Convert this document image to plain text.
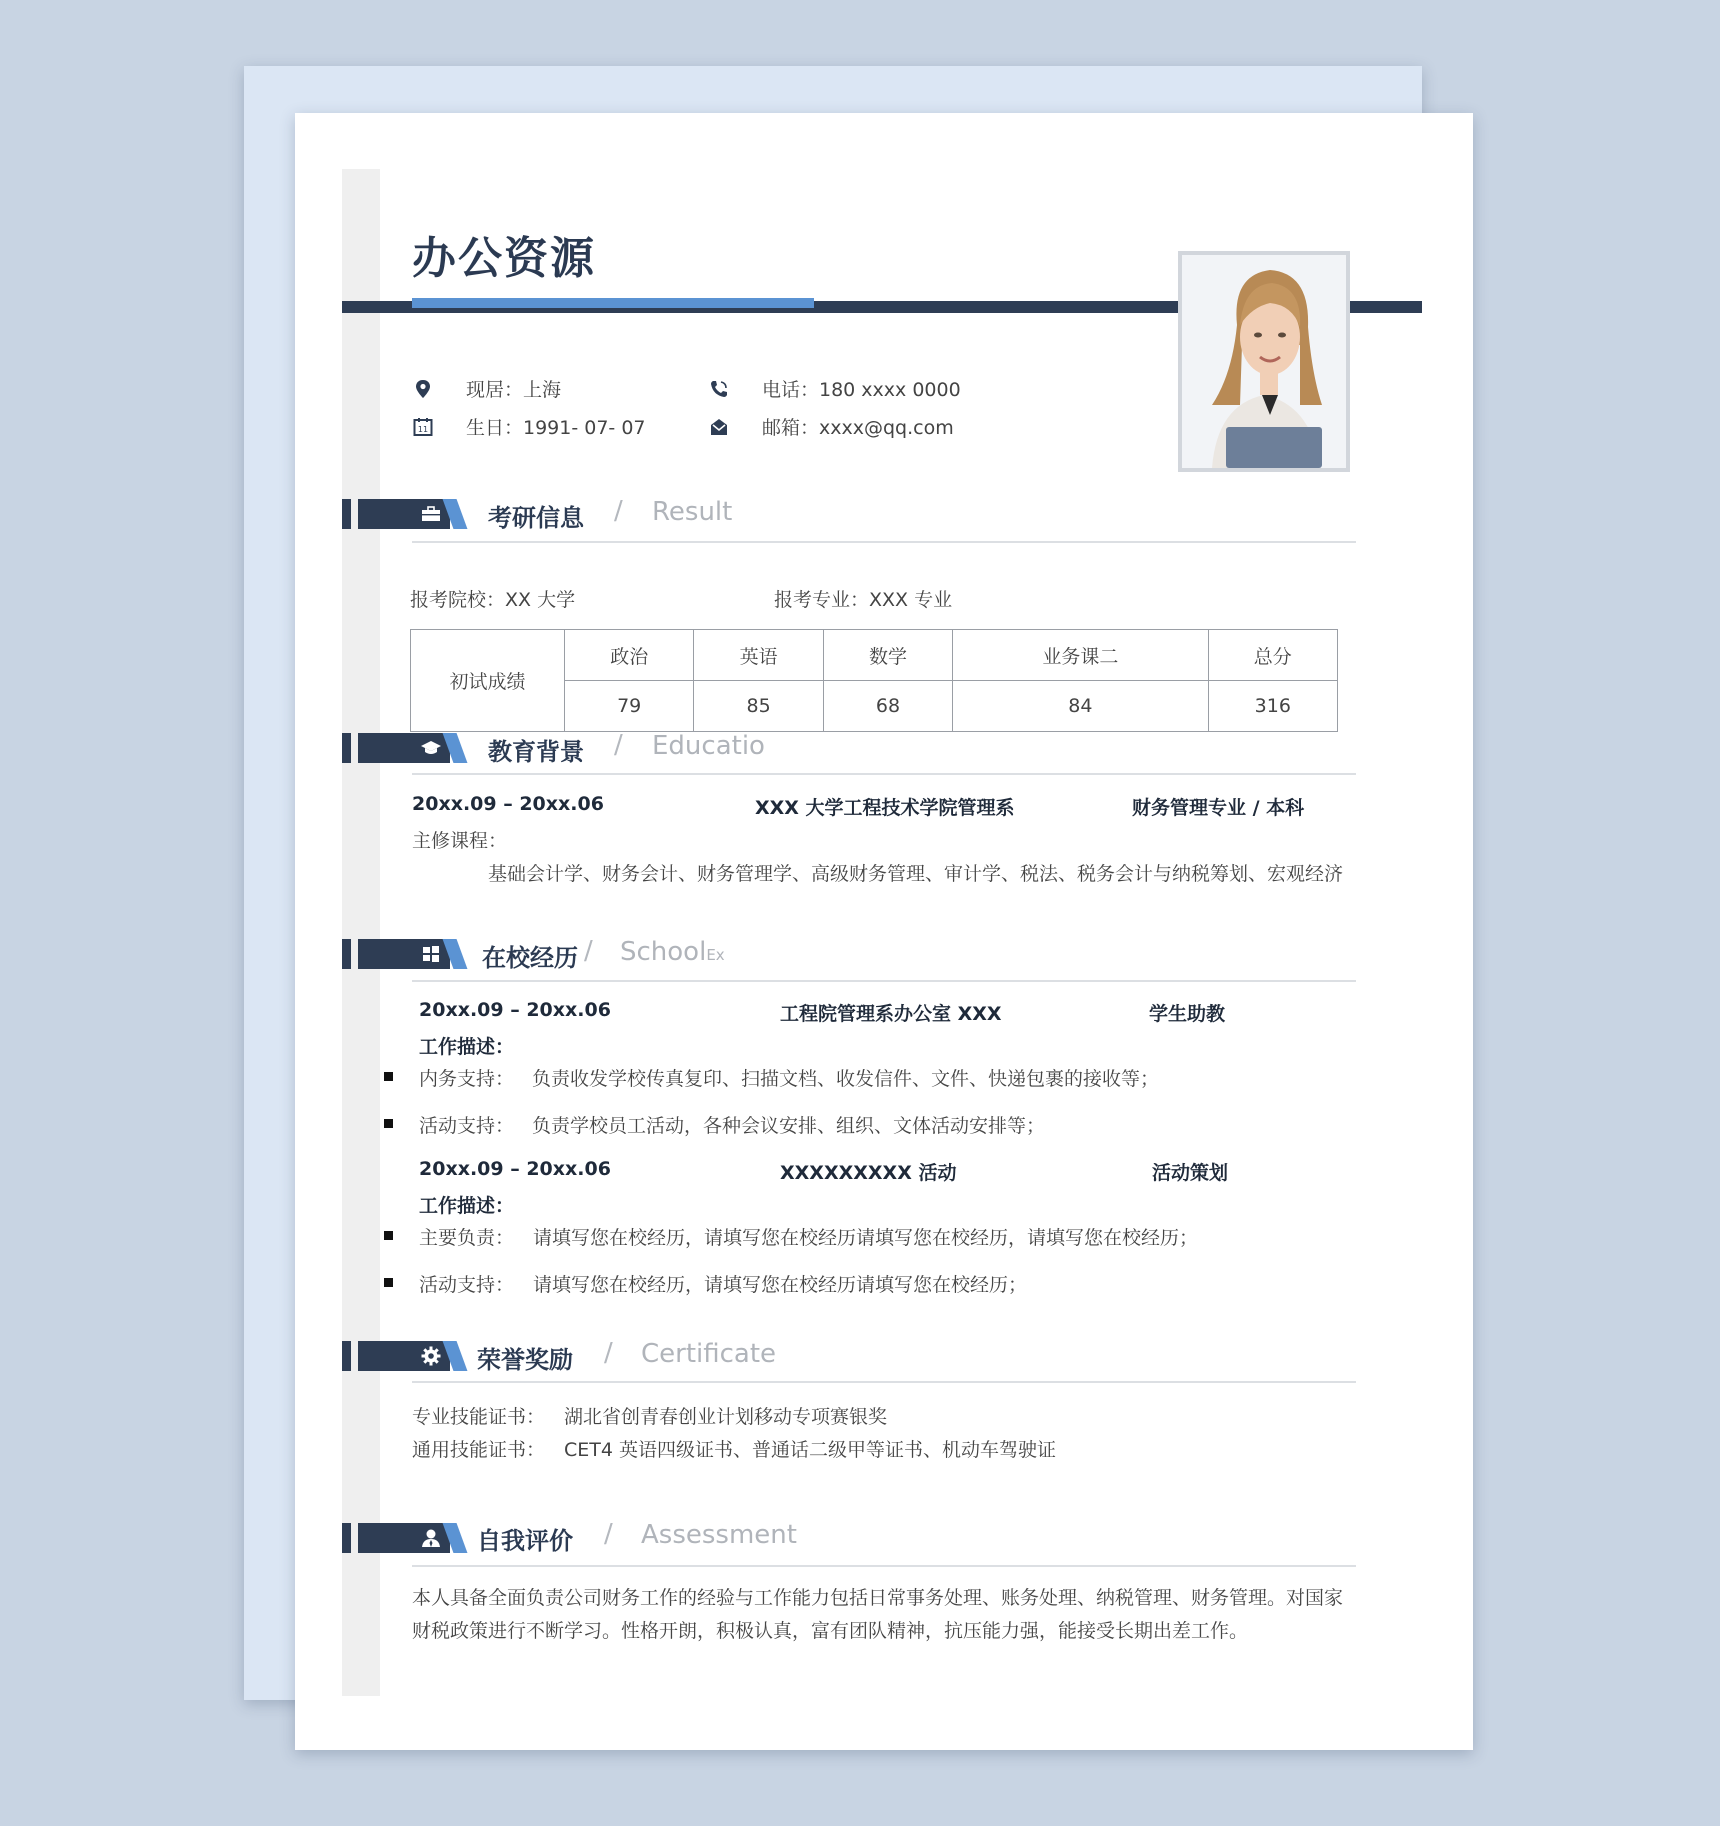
办公资源
现居：上海
11 生日：1991- 07- 07
电话：180 xxxx 0000
邮箱：xxxx@qq.com
考研信息 / Result
报考院校：XX 大学	报考专业：XXX 专业
初试成绩	政治	英语	数学	业务课二	总分
	79	85	68	84	316
教育背景 / Educatio
20xx.09 – 20xx.06	XXX 大学工程技术学院管理系	财务管理专业 / 本科
主修课程：
基础会计学、财务会计、财务管理学、高级财务管理、审计学、税法、税务会计与纳税筹划、宏观经济
在校经历 / SchoolEx
20xx.09 – 20xx.06	工程院管理系办公室 XXX	学生助教
工作描述：
内务支持： 负责收发学校传真复印、扫描文档、收发信件、文件、快递包裹的接收等；
活动支持： 负责学校员工活动，各种会议安排、组织、文体活动安排等；
20xx.09 – 20xx.06	XXXXXXXXX 活动	活动策划
工作描述：
主要负责： 请填写您在校经历，请填写您在校经历请填写您在校经历，请填写您在校经历；
活动支持： 请填写您在校经历，请填写您在校经历请填写您在校经历；
荣誉奖励 / Certificate
专业技能证书： 湖北省创青春创业计划移动专项赛银奖
通用技能证书： CET4 英语四级证书、普通话二级甲等证书、机动车驾驶证
自我评价 / Assessment
本人具备全面负责公司财务工作的经验与工作能力包括日常事务处理、账务处理、纳税管理、财务管理。对国家
财税政策进行不断学习。性格开朗，积极认真，富有团队精神，抗压能力强，能接受长期出差工作。
